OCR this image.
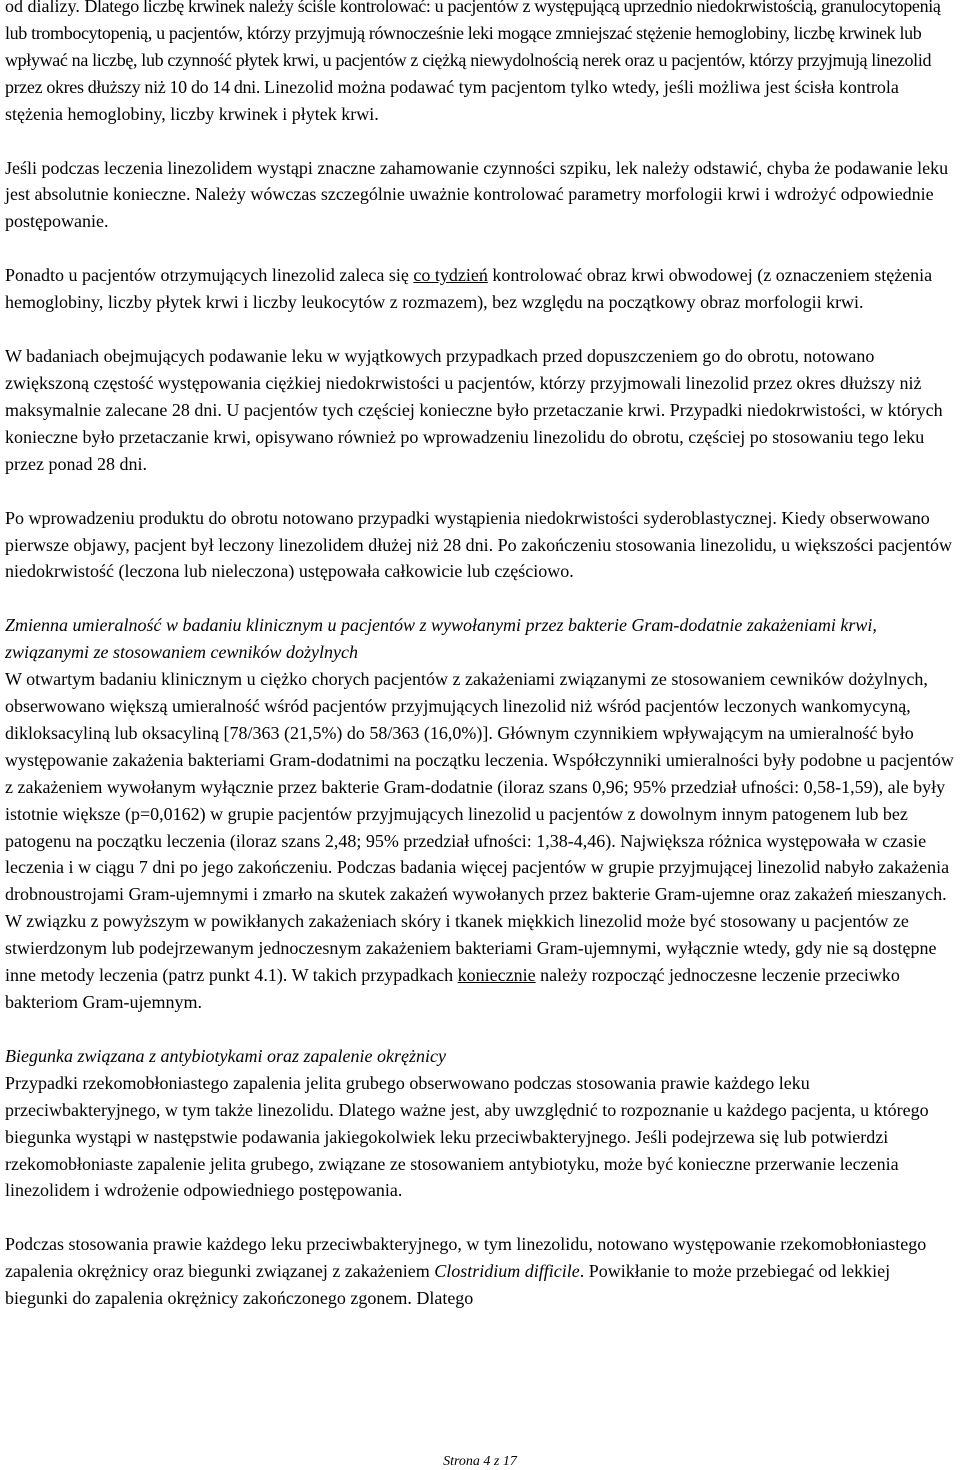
od dializy. Dlatego liczbę krwinek należy ściśle kontrolować: u pacjentów z występującą uprzednio niedokrwistością, granulocytopenią lub trombocytopenią, u pacjentów, którzy przyjmują równocześnie leki mogące zmniejszać stężenie hemoglobiny, liczbę krwinek lub wpływać na liczbę, lub czynność płytek krwi, u pacjentów z ciężką niewydolnością nerek oraz u pacjentów, którzy przyjmują linezolid przez okres dłuższy niż 10 do 14 dni. Linezolid można podawać tym pacjentom tylko wtedy, jeśli możliwa jest ścisła kontrola stężenia hemoglobiny, liczby krwinek i płytek krwi.

Jeśli podczas leczenia linezolidem wystąpi znaczne zahamowanie czynności szpiku, lek należy odstawić, chyba że podawanie leku jest absolutnie konieczne. Należy wówczas szczególnie uważnie kontrolować parametry morfologii krwi i wdrożyć odpowiednie postępowanie.

Ponadto u pacjentów otrzymujących linezolid zaleca się co tydzień kontrolować obraz krwi obwodowej (z oznaczeniem stężenia hemoglobiny, liczby płytek krwi i liczby leukocytów z rozmazem), bez względu na początkowy obraz morfologii krwi.

W badaniach obejmujących podawanie leku w wyjątkowych przypadkach przed dopuszczeniem go do obrotu, notowano zwiększoną częstość występowania ciężkiej niedokrwistości u pacjentów, którzy przyjmowali linezolid przez okres dłuższy niż maksymalnie zalecane 28 dni. U pacjentów tych częściej konieczne było przetaczanie krwi. Przypadki niedokrwistości, w których konieczne było przetaczanie krwi, opisywano również po wprowadzeniu linezolidu do obrotu, częściej po stosowaniu tego leku przez ponad 28 dni.

Po wprowadzeniu produktu do obrotu notowano przypadki wystąpienia niedokrwistości syderoblastycznej. Kiedy obserwowano pierwsze objawy, pacjent był leczony linezolidem dłużej niż 28 dni. Po zakończeniu stosowania linezolidu, u większości pacjentów niedokrwistość (leczona lub nieleczona) ustępowała całkowicie lub częściowo.

Zmienna umieralność w badaniu klinicznym u pacjentów z wywołanymi przez bakterie Gram-dodatnie zakażeniami krwi, związanymi ze stosowaniem cewników dożylnych

W otwartym badaniu klinicznym u ciężko chorych pacjentów z zakażeniami związanymi ze stosowaniem cewników dożylnych, obserwowano większą umieralność wśród pacjentów przyjmujących linezolid niż wśród pacjentów leczonych wankomycyną, dikloksacyliną lub oksacyliną [78/363 (21,5%) do 58/363 (16,0%)]. Głównym czynnikiem wpływającym na umieralność było występowanie zakażenia bakteriami Gram-dodatnimi na początku leczenia. Współczynniki umieralności były podobne u pacjentów z zakażeniem wywołanym wyłącznie przez bakterie Gram-dodatnie (iloraz szans 0,96; 95% przedział ufności: 0,58-1,59), ale były istotnie większe (p=0,0162) w grupie pacjentów przyjmujących linezolid u pacjentów z dowolnym innym patogenem lub bez patogenu na początku leczenia (iloraz szans 2,48; 95% przedział ufności: 1,38-4,46). Największa różnica występowała w czasie leczenia i w ciągu 7 dni po jego zakończeniu. Podczas badania więcej pacjentów w grupie przyjmującej linezolid nabyło zakażenia drobnoustrojami Gram-ujemnymi i zmarło na skutek zakażeń wywołanych przez bakterie Gram-ujemne oraz zakażeń mieszanych. W związku z powyższym w powikłanych zakażeniach skóry i tkanek miękkich linezolid może być stosowany u pacjentów ze stwierdzonym lub podejrzewanym jednoczesnym zakażeniem bakteriami Gram-ujemnymi, wyłącznie wtedy, gdy nie są dostępne inne metody leczenia (patrz punkt 4.1). W takich przypadkach koniecznie należy rozpocząć jednoczesne leczenie przeciwko bakteriom Gram-ujemnym.

Biegunka związana z antybiotykami oraz zapalenie okrężnicy

Przypadki rzekomobłoniastego zapalenia jelita grubego obserwowano podczas stosowania prawie każdego leku przeciwbakteryjnego, w tym także linezolidu. Dlatego ważne jest, aby uwzględnić to rozpoznanie u każdego pacjenta, u którego biegunka wystąpi w następstwie podawania jakiegokolwiek leku przeciwbakteryjnego. Jeśli podejrzewa się lub potwierdzi rzekomobłoniaste zapalenie jelita grubego, związane ze stosowaniem antybiotyku, może być konieczne przerwanie leczenia linezolidem i wdrożenie odpowiedniego postępowania.

Podczas stosowania prawie każdego leku przeciwbakteryjnego, w tym linezolidu, notowano występowanie rzekomobłoniastego zapalenia okrężnicy oraz biegunki związanej z zakażeniem Clostridium difficile. Powikłanie to może przebiegać od lekkiej biegunki do zapalenia okrężnicy zakończonego zgonem. Dlatego

Strona 4 z 17
